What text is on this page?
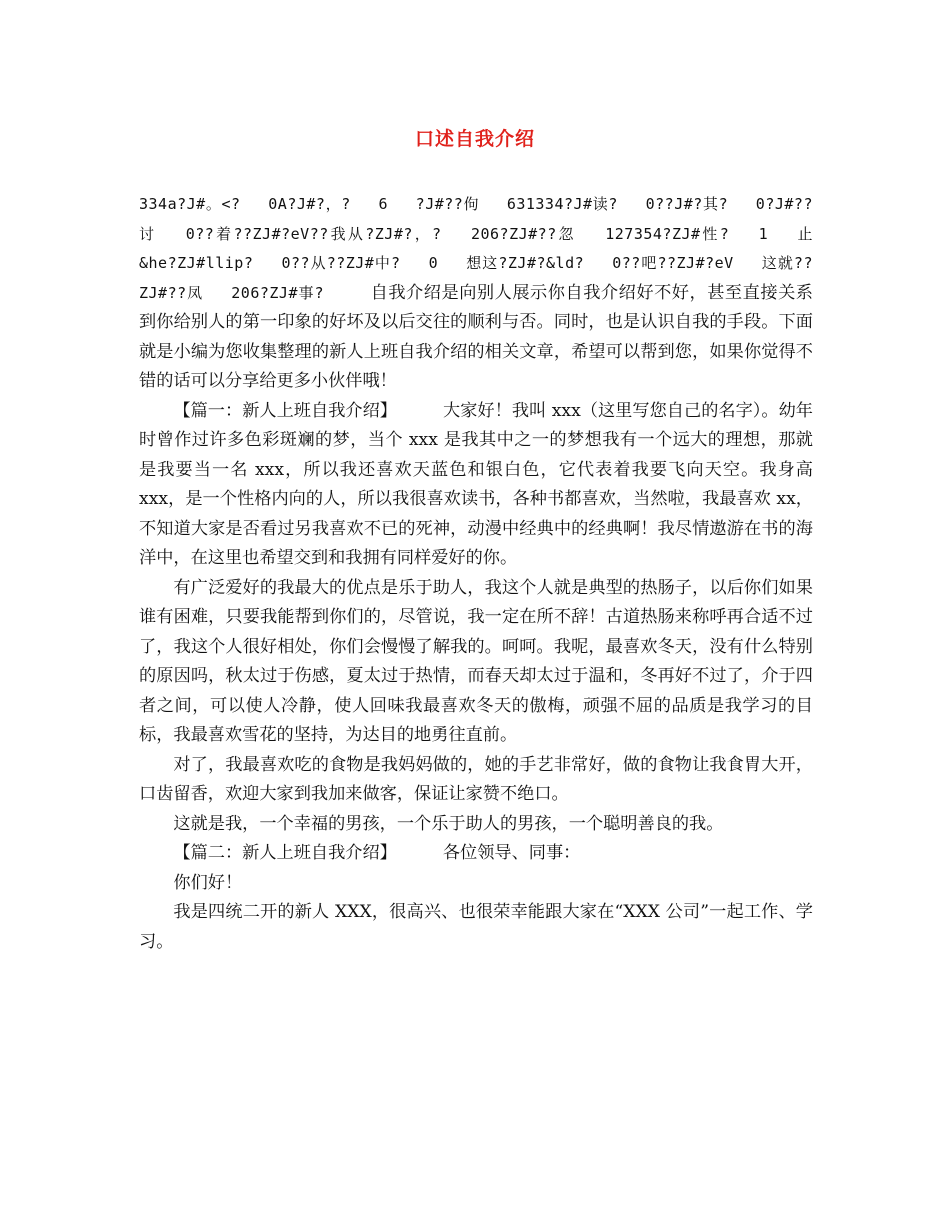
口述自我介绍

334a?J#。<? 0A?J#?，? 6 ?J#??佝 631334?J#读? 0??J#?其? 0?J#?? 讨 0??着??ZJ#?eV??我从?ZJ#?，? 206?ZJ#??忽 127354?ZJ#性? 1 止&he?ZJ#llip? 0??从??ZJ#中? 0 想这?ZJ#?&ld? 0??吧??ZJ#?eV 这就??ZJ#??凤 206?ZJ#事?	自我介绍是向别人展示你自我介绍好不好，甚至直接关系到你给别人的第一印象的好坏及以后交往的顺利与否。同时，也是认识自我的手段。下面就是小编为您收集整理的新人上班自我介绍的相关文章，希望可以帮到您，如果你觉得不错的话可以分享给更多小伙伴哦！

【篇一：新人上班自我介绍】	大家好！我叫 xxx（这里写您自己的名字）。幼年时曾作过许多色彩斑斓的梦，当个 xxx 是我其中之一的梦想我有一个远大的理想，那就是我要当一名 xxx，所以我还喜欢天蓝色和银白色，它代表着我要飞向天空。我身高 xxx，是一个性格内向的人，所以我很喜欢读书，各种书都喜欢，当然啦，我最喜欢 xx，不知道大家是否看过另我喜欢不已的死神，动漫中经典中的经典啊！我尽情遨游在书的海洋中，在这里也希望交到和我拥有同样爱好的你。

有广泛爱好的我最大的优点是乐于助人，我这个人就是典型的热肠子，以后你们如果谁有困难，只要我能帮到你们的，尽管说，我一定在所不辞！古道热肠来称呼再合适不过了，我这个人很好相处，你们会慢慢了解我的。呵呵。我呢，最喜欢冬天，没有什么特别的原因吗，秋太过于伤感，夏太过于热情，而春天却太过于温和，冬再好不过了，介于四者之间，可以使人冷静，使人回味我最喜欢冬天的傲梅，顽强不屈的品质是我学习的目标，我最喜欢雪花的坚持，为达目的地勇往直前。

对了，我最喜欢吃的食物是我妈妈做的，她的手艺非常好，做的食物让我食胃大开，口齿留香，欢迎大家到我加来做客，保证让家赞不绝口。

这就是我，一个幸福的男孩，一个乐于助人的男孩，一个聪明善良的我。

【篇二：新人上班自我介绍】	各位领导、同事：

你们好！

我是四统二开的新人 XXX，很高兴、也很荣幸能跟大家在“XXX 公司”一起工作、学习。
